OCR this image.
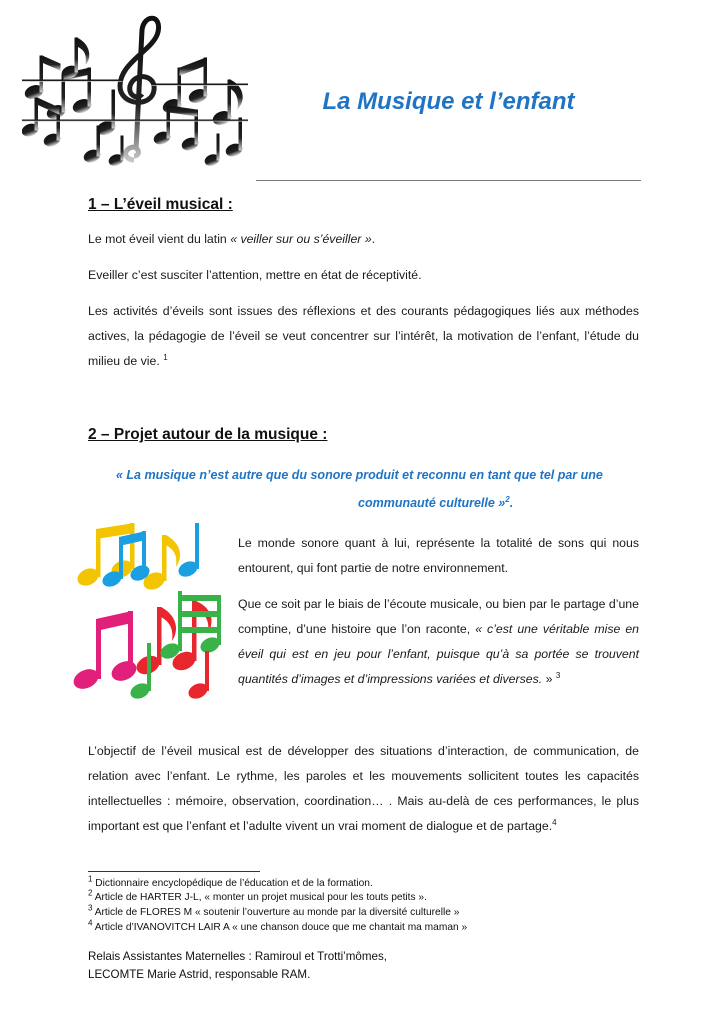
La Musique et l’enfant
1 – L’éveil musical :
Le mot éveil vient du latin « veiller sur ou s’éveiller ».
Eveiller c’est susciter l’attention, mettre en état de réceptivité.
Les activités d’éveils sont issues des réflexions et des courants pédagogiques liés aux méthodes actives, la pédagogie de l’éveil se veut concentrer sur l’intérêt, la motivation de l’enfant, l’étude du milieu de vie. $^1$
2 – Projet autour de la musique :
« La musique n’est autre que du sonore produit et reconnu en tant que tel par une
communauté culturelle »$^2$.
Le monde sonore quant à lui, représente la totalité de sons qui nous entourent, qui font partie de notre environnement.
Que ce soit par le biais de l’écoute musicale, ou bien par le partage d’une comptine, d’une histoire que l’on raconte, « c’est une véritable mise en éveil qui est en jeu pour l’enfant, puisque qu’à sa portée se trouvent quantités d’images et d’impressions variées et diverses. » $^3$
L’objectif de l’éveil musical est de développer des situations d’interaction, de communication, de relation avec l’enfant. Le rythme, les paroles et les mouvements sollicitent toutes les capacités intellectuelles : mémoire, observation, coordination… . Mais au-delà de ces performances, le plus important est que l’enfant et l’adulte vivent un vrai moment de dialogue et de partage.$^4$
$^1$ Dictionnaire encyclopédique de l’éducation et de la formation.
$^2$ Article de HARTER J-L, « monter un projet musical pour les touts petits ».
$^3$ Article de FLORES M « soutenir l’ouverture au monde par la diversité culturelle »
$^4$ Article d’IVANOVITCH LAIR A « une chanson douce que me chantait ma maman »
Relais Assistantes Maternelles : Ramiroul et Trotti’mômes,
LECOMTE Marie Astrid, responsable RAM.
